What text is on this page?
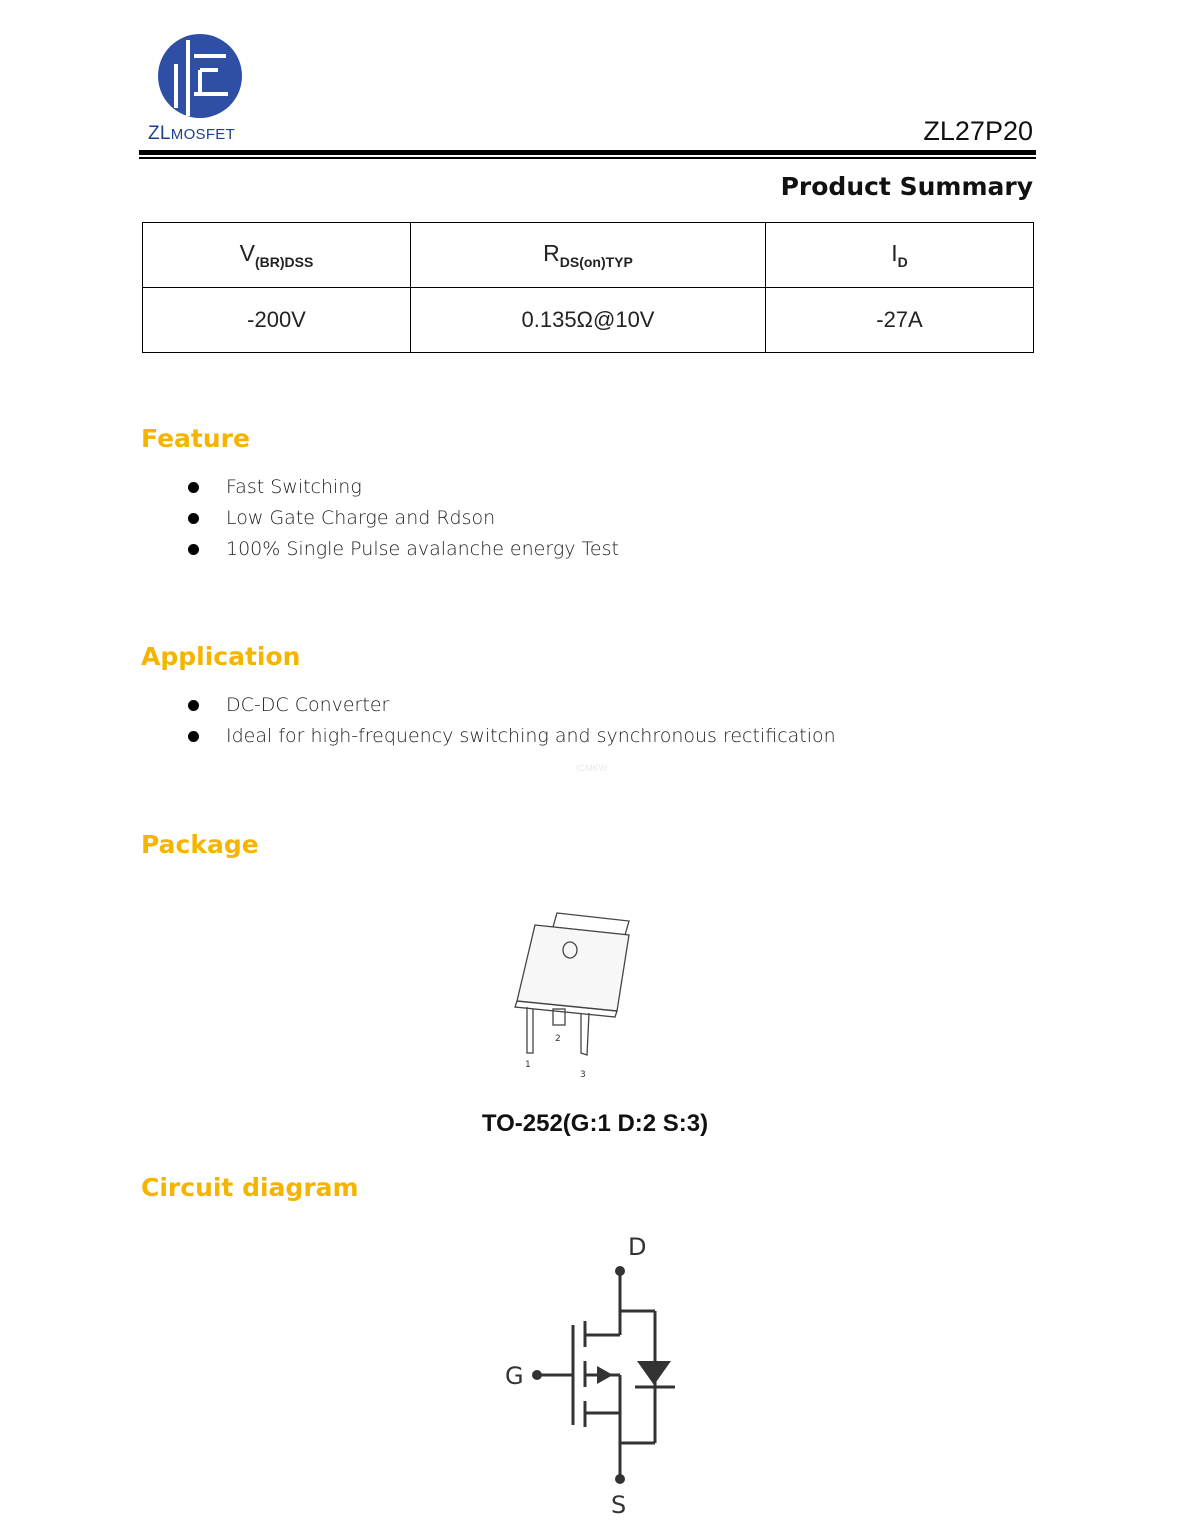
ZLMOSFET	ZL27P20
Product Summary
$V_{(BR)DSS}$	$R_{DS(on)TYP}$	$I_D$
-200V	0.135Ω@10V	-27A
Feature
Fast Switching
Low Gate Charge and Rdson
100% Single Pulse avalanche energy Test
Application
DC-DC Converter
Ideal for high-frequency switching and synchronous rectification
ICMKW
Package
1
2
3
TO-252(G:1 D:2 S:3)
Circuit diagram
D
G
S
